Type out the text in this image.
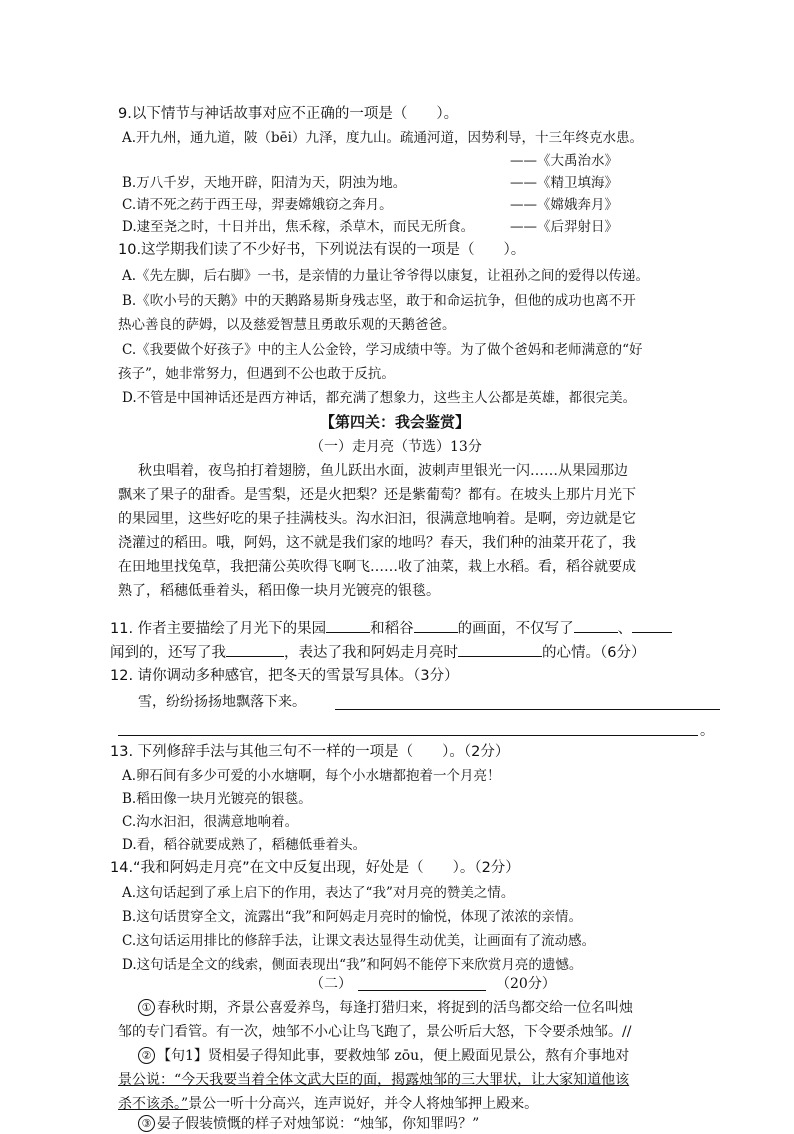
9.以下情节与神话故事对应不正确的一项是（　　）。
A.开九州，通九道，陂（bēi）九泽，度九山。疏通河道，因势利导，十三年终克水患。
——《大禹治水》
B.万八千岁，天地开辟，阳清为天，阴浊为地。	——《精卫填海》
C.请不死之药于西王母，羿妻嫦娥窃之奔月。	——《嫦娥奔月》
D.逮至尧之时，十日并出，焦禾稼，杀草木，而民无所食。	——《后羿射日》
10.这学期我们读了不少好书，下列说法有误的一项是（　　）。
A.《先左脚，后右脚》一书，是亲情的力量让爷爷得以康复，让祖孙之间的爱得以传递。
B.《吹小号的天鹅》中的天鹅路易斯身残志坚，敢于和命运抗争，但他的成功也离不开
热心善良的萨姆，以及慈爱智慧且勇敢乐观的天鹅爸爸。
C.《我要做个好孩子》中的主人公金铃，学习成绩中等。为了做个爸妈和老师满意的“好
孩子”，她非常努力，但遇到不公也敢于反抗。
D.不管是中国神话还是西方神话，都充满了想象力，这些主人公都是英雄，都很完美。
【第四关：我会鉴赏】
（一）走月亮（节选）13分
秋虫唱着，夜鸟拍打着翅膀，鱼儿跃出水面，波刺声里银光一闪……从果园那边
飘来了果子的甜香。是雪梨，还是火把梨？还是紫葡萄？都有。在坡头上那片月光下
的果园里，这些好吃的果子挂满枝头。沟水汩汩，很满意地响着。是啊，旁边就是它
浇灌过的稻田。哦，阿妈，这不就是我们家的地吗？春天，我们种的油菜开花了，我
在田地里找兔草，我把蒲公英吹得飞啊飞……收了油菜，栽上水稻。看，稻谷就要成
熟了，稻穗低垂着头，稻田像一块月光镀亮的银毯。
11. 作者主要描绘了月光下的果园	和稻谷	的画面，不仅写了	、
闻到的，还写了我	，表达了我和阿妈走月亮时	的心情。（6分）
12. 请你调动多种感官，把冬天的雪景写具体。（3分）
雪，纷纷扬扬地飘落下来。
。
13. 下列修辞手法与其他三句不一样的一项是（　　）。（2分）
A.卵石间有多少可爱的小水塘啊，每个小水塘都抱着一个月亮！
B.稻田像一块月光镀亮的银毯。
C.沟水汩汩，很满意地响着。
D.看，稻谷就要成熟了，稻穗低垂着头。
14.“我和阿妈走月亮”在文中反复出现，好处是（　　）。（2分）
A.这句话起到了承上启下的作用，表达了“我”对月亮的赞美之情。
B.这句话贯穿全文，流露出“我”和阿妈走月亮时的愉悦，体现了浓浓的亲情。
C.这句话运用排比的修辞手法，让课文表达显得生动优美，让画面有了流动感。
D.这句话是全文的线索，侧面表现出“我”和阿妈不能停下来欣赏月亮的遗憾。
（二）	（20分）
① 春秋时期，齐景公喜爱养鸟，每逢打猎归来，将捉到的活鸟都交给一位名叫烛
邹的专门看管。有一次，烛邹不小心让鸟飞跑了，景公听后大怒，下令要杀烛邹。//
② 【句1】贤相晏子得知此事，要救烛邹 zōu，便上殿面见景公，熬有介事地对
景公说：“今天我要当着全体文武大臣的面，揭露烛邹的三大罪状，让大家知道他该
杀不该杀。”景公一听十分高兴，连声说好，并令人将烛邹押上殿来。
③ 晏子假装愤慨的样子对烛邹说：“烛邹，你知罪吗？”
